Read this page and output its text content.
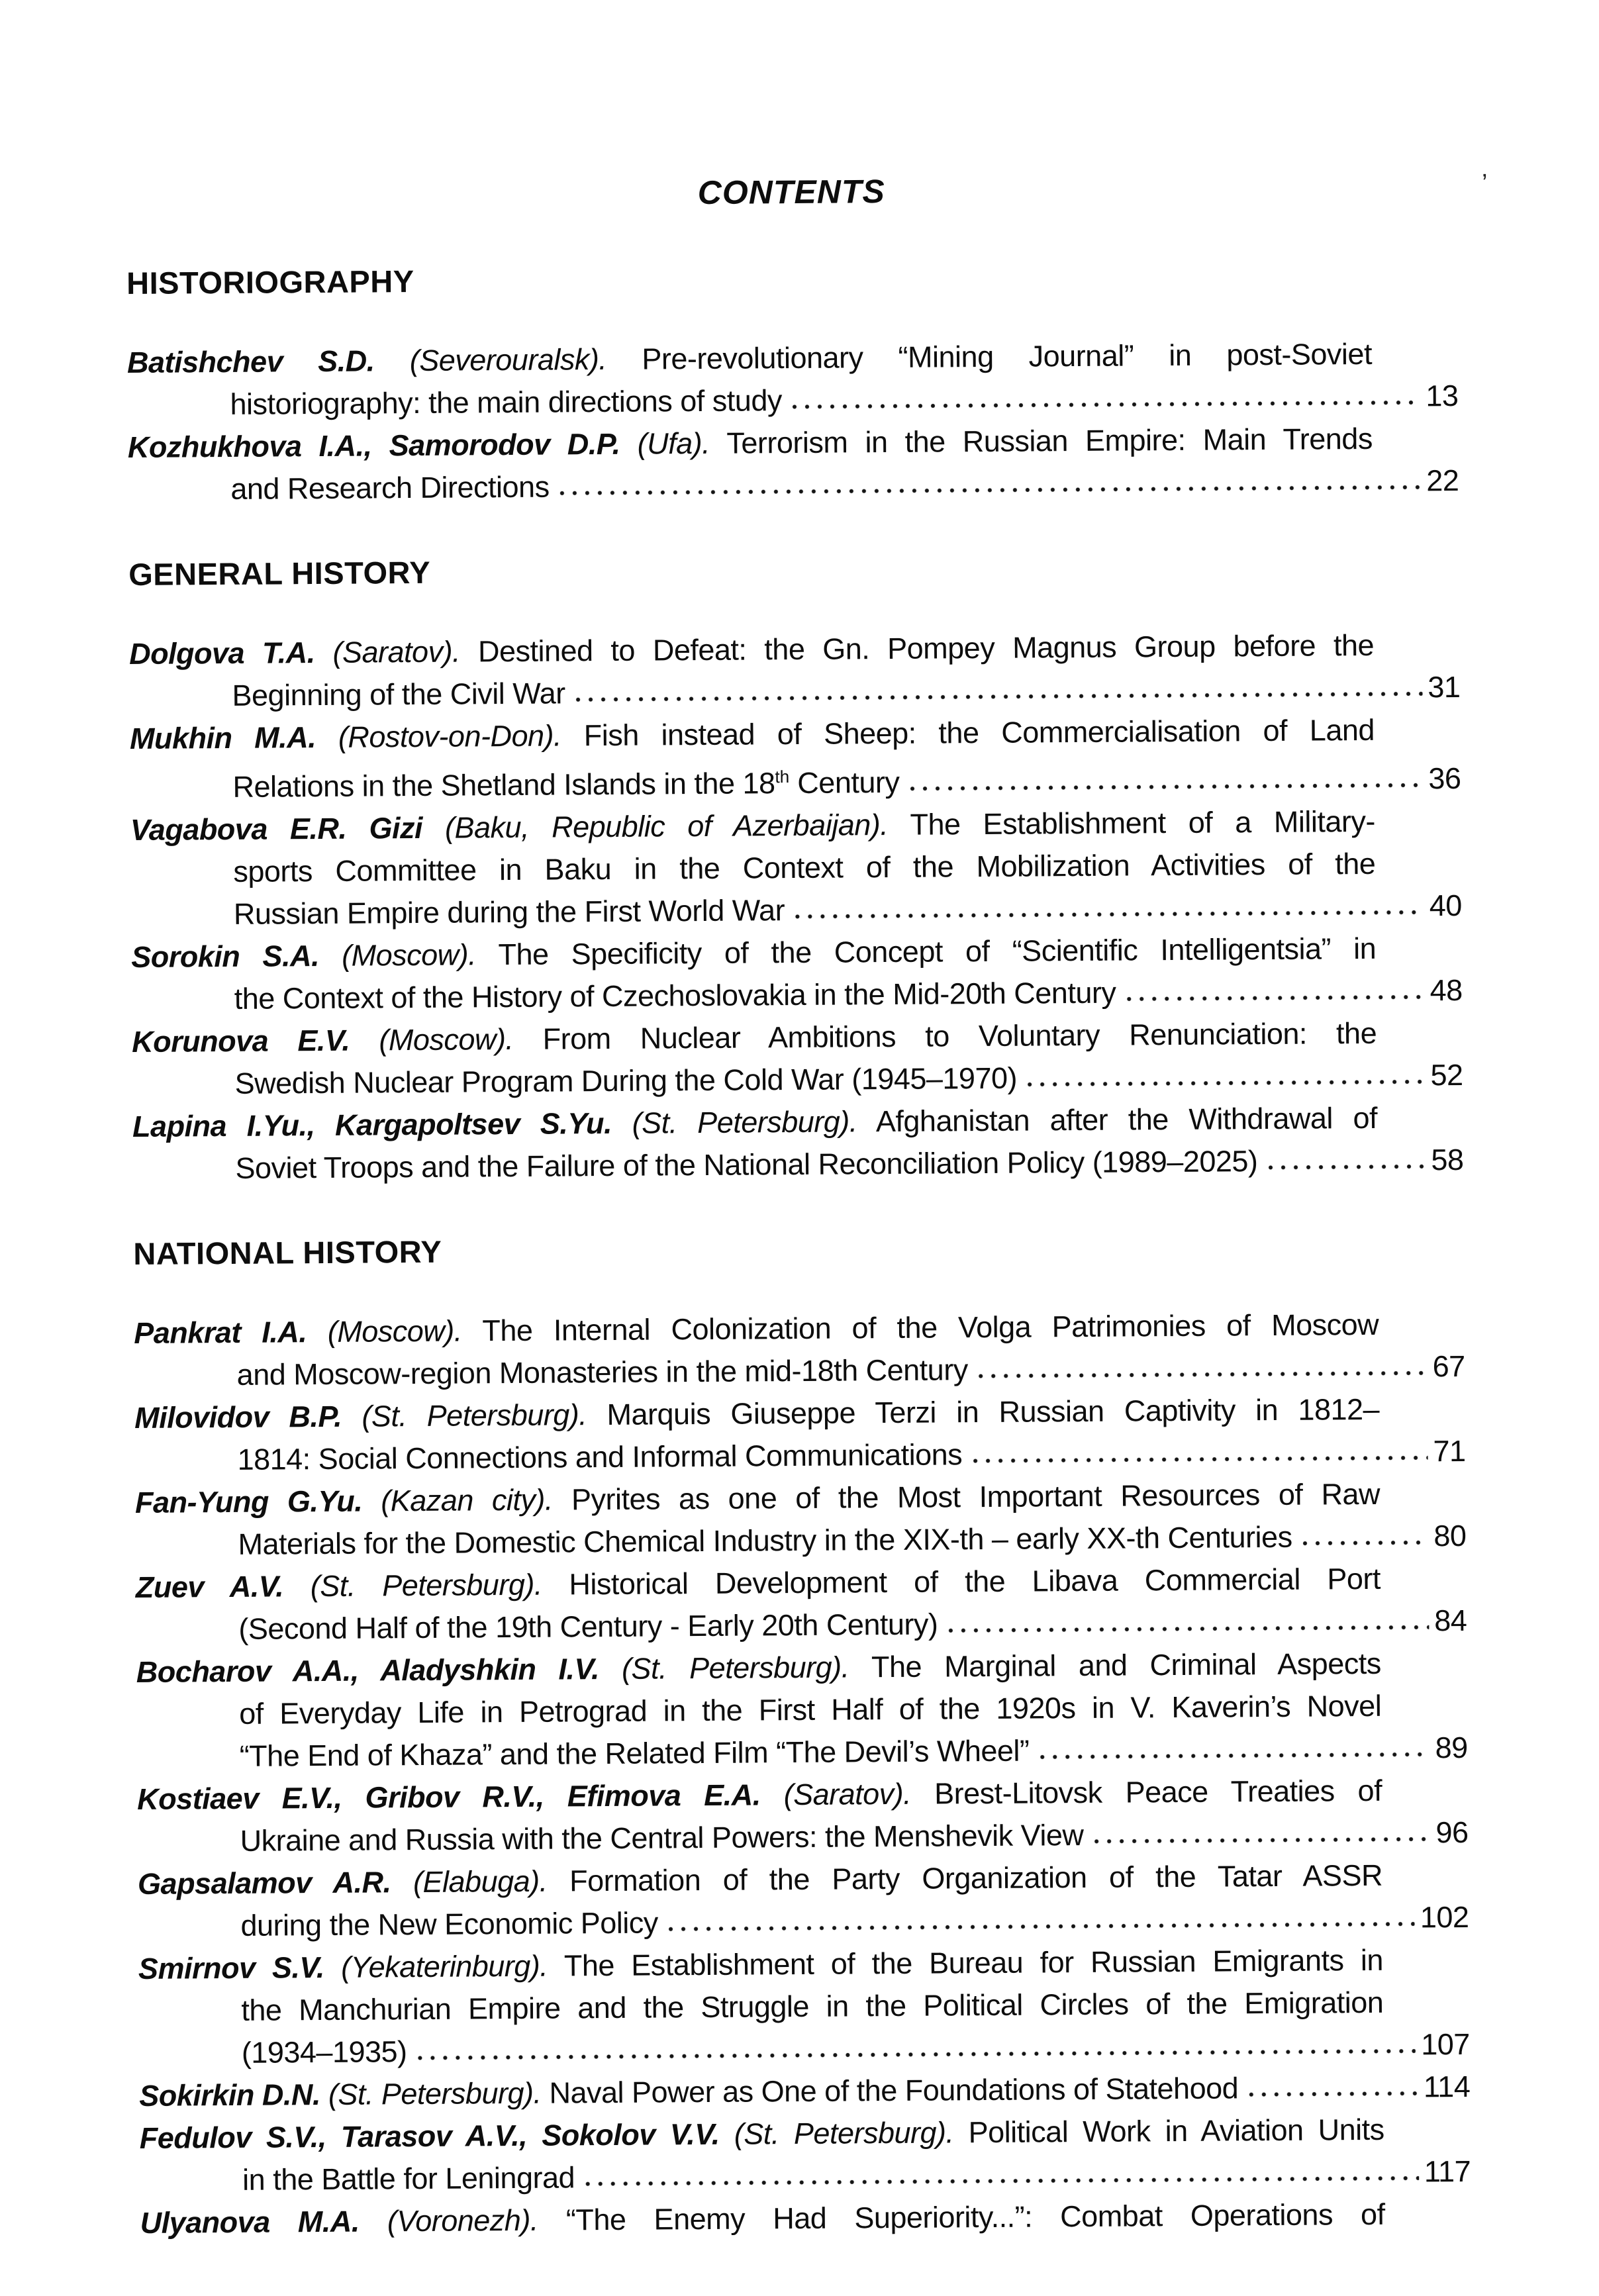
’
CONTENTS
HISTORIOGRAPHY
Batishchev S.D. (Severouralsk). Pre-revolutionary “Mining Journal” in post-Soviet
historiography: the main directions of study	13
Kozhukhova I.A., Samorodov D.P. (Ufa). Terrorism in the Russian Empire: Main Trends
and Research Directions	22
GENERAL HISTORY
Dolgova T.A. (Saratov). Destined to Defeat: the Gn. Pompey Magnus Group before the
Beginning of the Civil War	31
Mukhin M.A. (Rostov-on-Don). Fish instead of Sheep: the Commercialisation of Land
Relations in the Shetland Islands in the 18th Century	36
Vagabova E.R. Gizi (Baku, Republic of Azerbaijan). The Establishment of a Military-
sports Committee in Baku in the Context of the Mobilization Activities of the
Russian Empire during the First World War	40
Sorokin S.A. (Moscow). The Specificity of the Concept of “Scientific Intelligentsia” in
the Context of the History of Czechoslovakia in the Mid-20th Century	48
Korunova E.V. (Moscow). From Nuclear Ambitions to Voluntary Renunciation: the
Swedish Nuclear Program During the Cold War (1945–1970)	52
Lapina I.Yu., Kargapoltsev S.Yu. (St. Petersburg). Afghanistan after the Withdrawal of
Soviet Troops and the Failure of the National Reconciliation Policy (1989–2025)	58
NATIONAL HISTORY
Pankrat I.A. (Moscow). The Internal Colonization of the Volga Patrimonies of Moscow
and Moscow-region Monasteries in the mid-18th Century	67
Milovidov B.P. (St. Petersburg). Marquis Giuseppe Terzi in Russian Captivity in 1812–
1814: Social Connections and Informal Communications	71
Fan-Yung G.Yu. (Kazan city). Pyrites as one of the Most Important Resources of Raw
Materials for the Domestic Chemical Industry in the XIX-th – early XX-th Centuries	80
Zuev A.V. (St. Petersburg). Historical Development of the Libava Commercial Port
(Second Half of the 19th Century - Early 20th Century)	84
Bocharov A.A., Aladyshkin I.V. (St. Petersburg). The Marginal and Criminal Aspects
of Everyday Life in Petrograd in the First Half of the 1920s in V. Kaverin’s Novel
“The End of Khaza” and the Related Film “The Devil’s Wheel”	89
Kostiaev E.V., Gribov R.V., Efimova E.A. (Saratov). Brest-Litovsk Peace Treaties of
Ukraine and Russia with the Central Powers: the Menshevik View	96
Gapsalamov A.R. (Elabuga). Formation of the Party Organization of the Tatar ASSR
during the New Economic Policy	102
Smirnov S.V. (Yekaterinburg). The Establishment of the Bureau for Russian Emigrants in
the Manchurian Empire and the Struggle in the Political Circles of the Emigration
(1934–1935)	107
Sokirkin D.N. (St. Petersburg). Naval Power as One of the Foundations of Statehood	114
Fedulov S.V., Tarasov A.V., Sokolov V.V. (St. Petersburg). Political Work in Aviation Units
in the Battle for Leningrad	117
Ulyanova M.A. (Voronezh). “The Enemy Had Superiority...”: Combat Operations of
